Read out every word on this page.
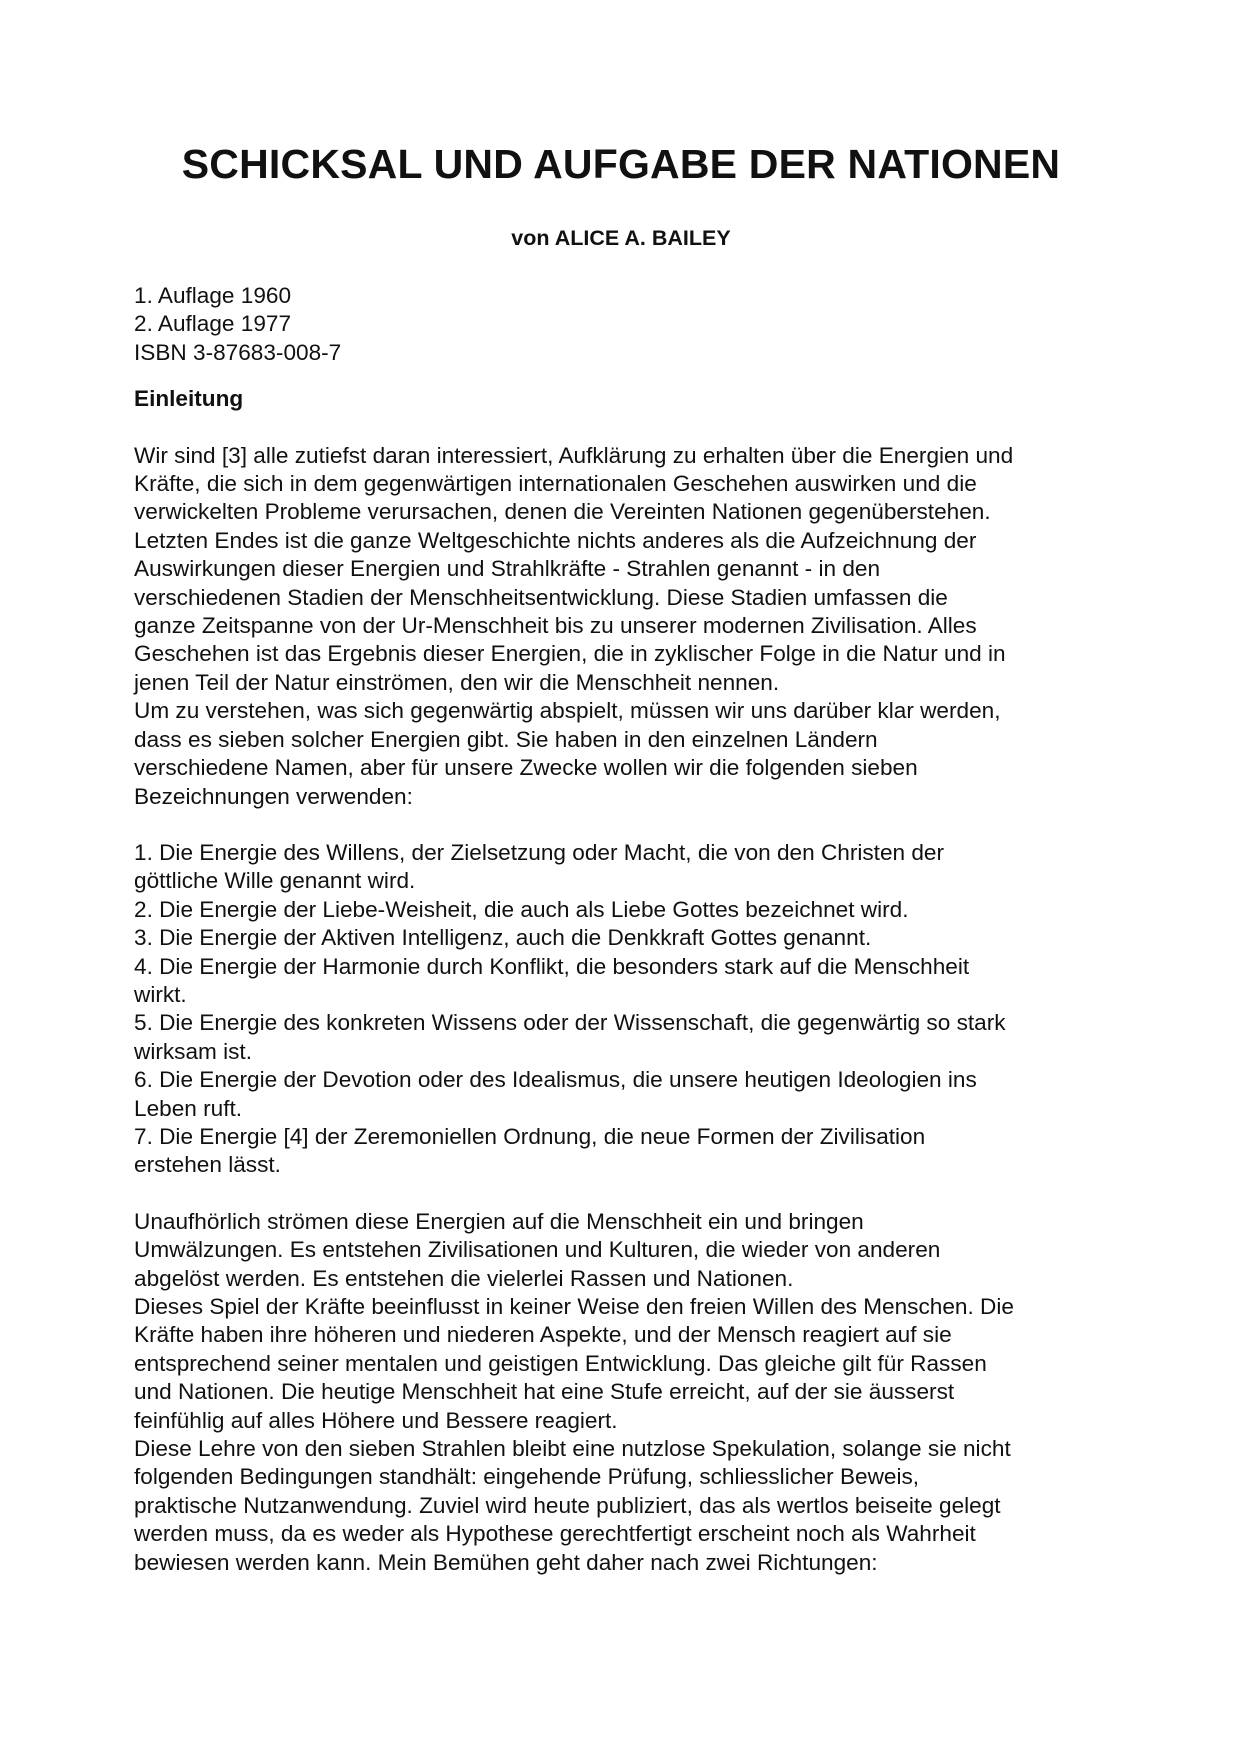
SCHICKSAL UND AUFGABE DER NATIONEN
von ALICE A. BAILEY

1. Auflage 1960

2. Auflage 1977

ISBN 3-87683-008-7

Einleitung

Wir sind [3] alle zutiefst daran interessiert, Aufklärung zu erhalten über die Energien und

Kräfte, die sich in dem gegenwärtigen internationalen Geschehen auswirken und die

verwickelten Probleme verursachen, denen die Vereinten Nationen gegenüberstehen.

Letzten Endes ist die ganze Weltgeschichte nichts anderes als die Aufzeichnung der

Auswirkungen dieser Energien und Strahlkräfte - Strahlen genannt - in den

verschiedenen Stadien der Menschheitsentwicklung. Diese Stadien umfassen die

ganze Zeitspanne von der Ur-Menschheit bis zu unserer modernen Zivilisation. Alles

Geschehen ist das Ergebnis dieser Energien, die in zyklischer Folge in die Natur und in

jenen Teil der Natur einströmen, den wir die Menschheit nennen.

Um zu verstehen, was sich gegenwärtig abspielt, müssen wir uns darüber klar werden,

dass es sieben solcher Energien gibt. Sie haben in den einzelnen Ländern

verschiedene Namen, aber für unsere Zwecke wollen wir die folgenden sieben

Bezeichnungen verwenden:

1. Die Energie des Willens, der Zielsetzung oder Macht, die von den Christen der

göttliche Wille genannt wird.

2. Die Energie der Liebe-Weisheit, die auch als Liebe Gottes bezeichnet wird.

3. Die Energie der Aktiven Intelligenz, auch die Denkkraft Gottes genannt.

4. Die Energie der Harmonie durch Konflikt, die besonders stark auf die Menschheit

wirkt.

5. Die Energie des konkreten Wissens oder der Wissenschaft, die gegenwärtig so stark

wirksam ist.

6. Die Energie der Devotion oder des Idealismus, die unsere heutigen Ideologien ins

Leben ruft.

7. Die Energie [4] der Zeremoniellen Ordnung, die neue Formen der Zivilisation

erstehen lässt.

Unaufhörlich strömen diese Energien auf die Menschheit ein und bringen

Umwälzungen. Es entstehen Zivilisationen und Kulturen, die wieder von anderen

abgelöst werden. Es entstehen die vielerlei Rassen und Nationen.

Dieses Spiel der Kräfte beeinflusst in keiner Weise den freien Willen des Menschen. Die

Kräfte haben ihre höheren und niederen Aspekte, und der Mensch reagiert auf sie

entsprechend seiner mentalen und geistigen Entwicklung. Das gleiche gilt für Rassen

und Nationen. Die heutige Menschheit hat eine Stufe erreicht, auf der sie äusserst

feinfühlig auf alles Höhere und Bessere reagiert.

Diese Lehre von den sieben Strahlen bleibt eine nutzlose Spekulation, solange sie nicht

folgenden Bedingungen standhält: eingehende Prüfung, schliesslicher Beweis,

praktische Nutzanwendung. Zuviel wird heute publiziert, das als wertlos beiseite gelegt

werden muss, da es weder als Hypothese gerechtfertigt erscheint noch als Wahrheit

bewiesen werden kann. Mein Bemühen geht daher nach zwei Richtungen:
